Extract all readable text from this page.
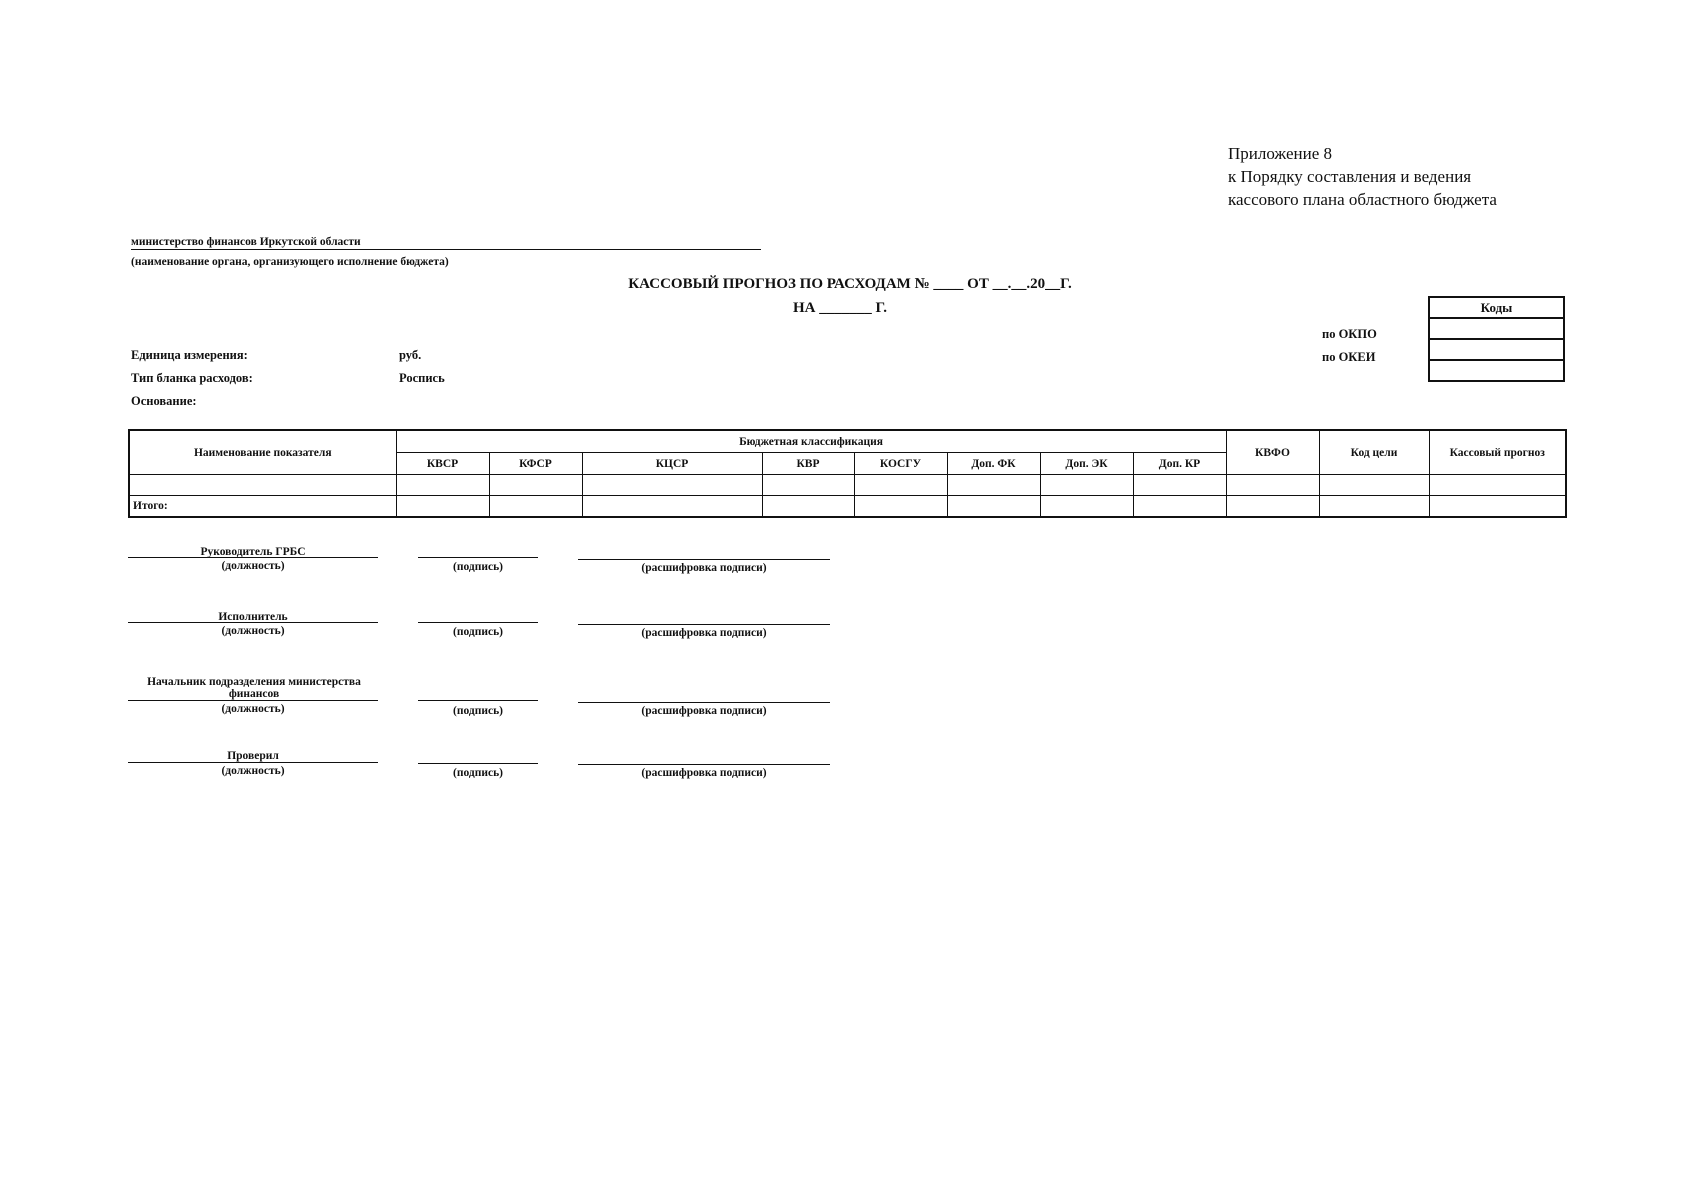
Приложение 8
к Порядку составления и ведения
кассового плана областного бюджета
министерство финансов Иркутской области
(наименование органа, организующего исполнение бюджета)
КАССОВЫЙ ПРОГНОЗ ПО РАСХОДАМ № ____ ОТ __.__.20__Г.
НА _______ Г.
Единица измерения:	руб.
Тип бланка расходов:	Роспись
Основание:
по ОКПО
по ОКЕИ
Коды

Наименование показателя	Бюджетная классификация								КВФО	Код цели	Кассовый прогноз
	КВСР	КФСР	КЦСР	КВР	КОСГУ	Доп. ФК	Доп. ЭК	Доп. КР			

Итого:											
Руководитель ГРБС
(должность)	(подпись)	(расшифровка подписи)
Исполнитель
(должность)	(подпись)	(расшифровка подписи)
Начальник подразделения министерства финансов
(должность)	(подпись)	(расшифровка подписи)
Проверил
(должность)	(подпись)	(расшифровка подписи)
